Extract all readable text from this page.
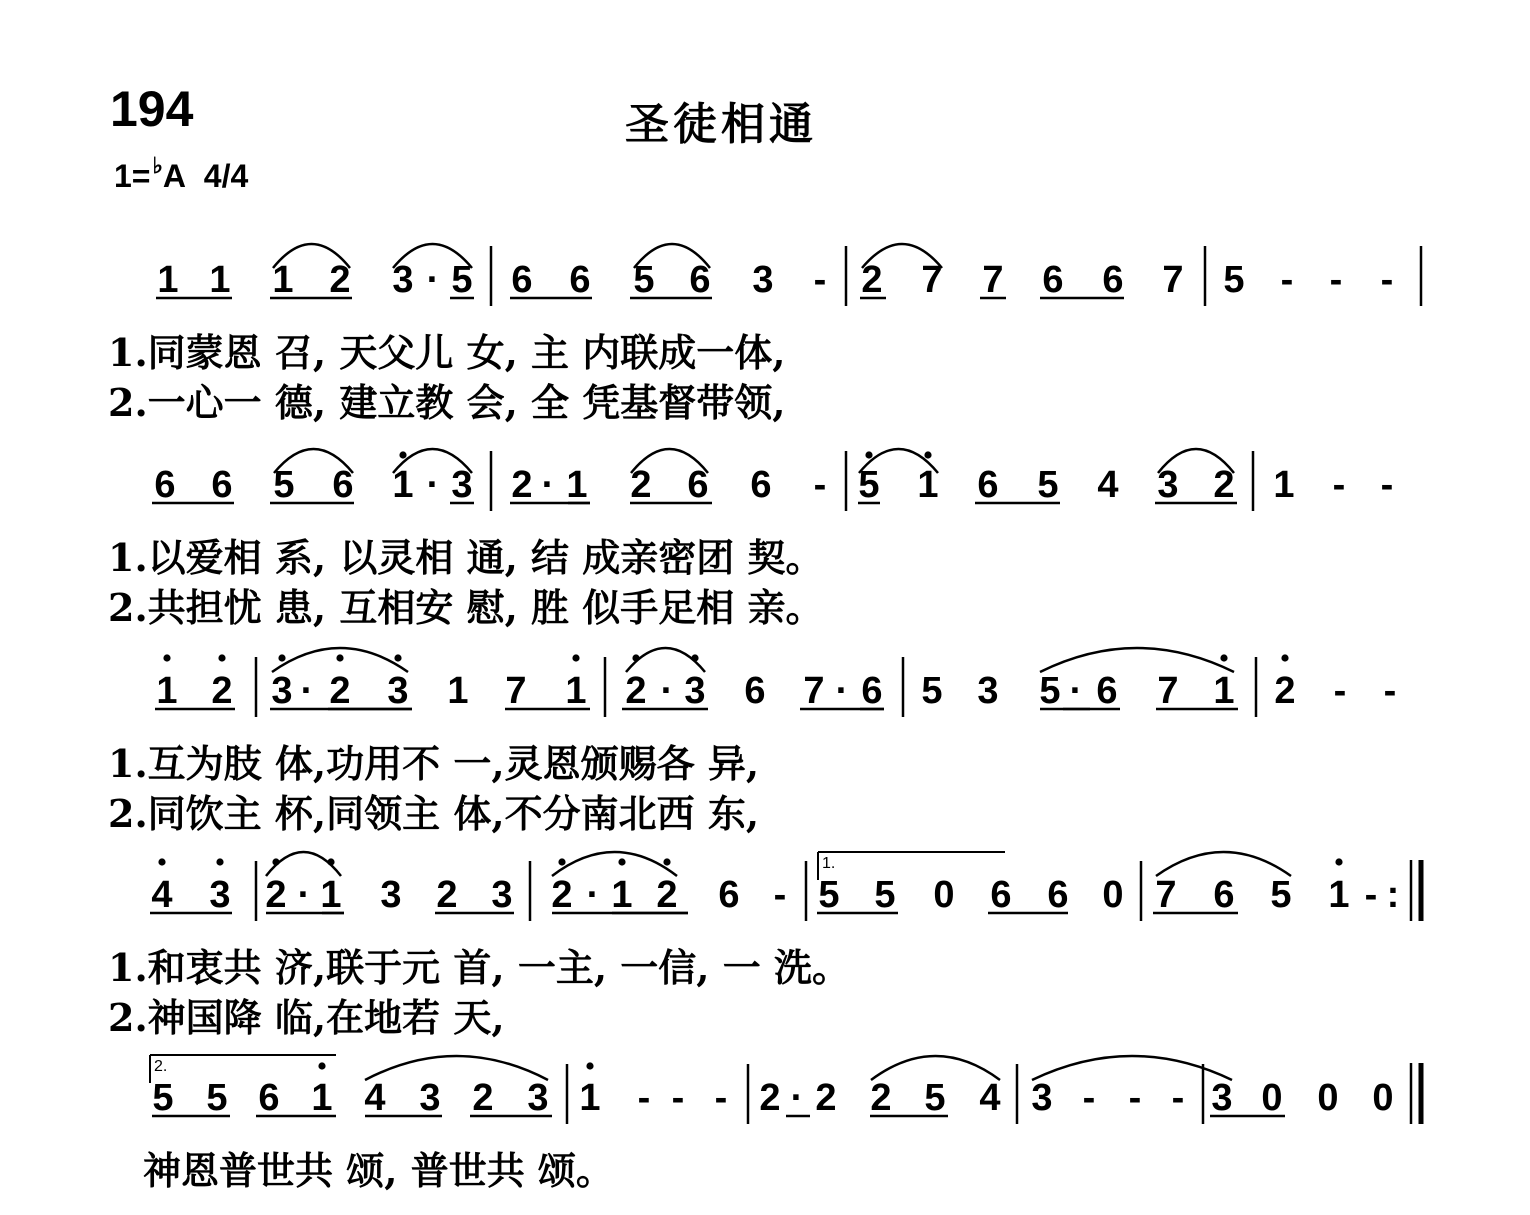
194	圣徒相通
1=♭A 4/4
1 1 1 2 3 · 5 6 6 5 6 3 - 2 7 7 6 6 7 5 - - -
6 6 5 6 1 · 3 2 · 1 2 6 6 - 5 1 6 5 4 3 2 1 - -
1 2 3 · 2 3 1 7 1 2 · 3 6 7 · 6 5 3 5 · 6 7 1 2 - -
4 3 2 · 1 3 2 3 2 · 1 2 6 - 5 5 0 6 6 0 7 6 5 1 - :
5 5 6 1 4 3 2 3 1 - - - 2 · 2 2 5 4 3 - - - 3 0 0 0
1.
2.
1.同蒙恩 召, 天父儿 女, 主 内联成一体,
2.一心一 德, 建立教 会, 全 凭基督带领,
1.以爱相 系, 以灵相 通, 结 成亲密团 契。
2.共担忧 患, 互相安 慰, 胜 似手足相 亲。
1.互为肢 体,功用不 一,灵恩颁赐各 异,
2.同饮主 杯,同领主 体,不分南北西 东,
1.和衷共 济,联于元 首, 一主, 一信, 一 洗。
2.神国降 临,在地若 天,
神恩普世共 颂, 普世共 颂。
